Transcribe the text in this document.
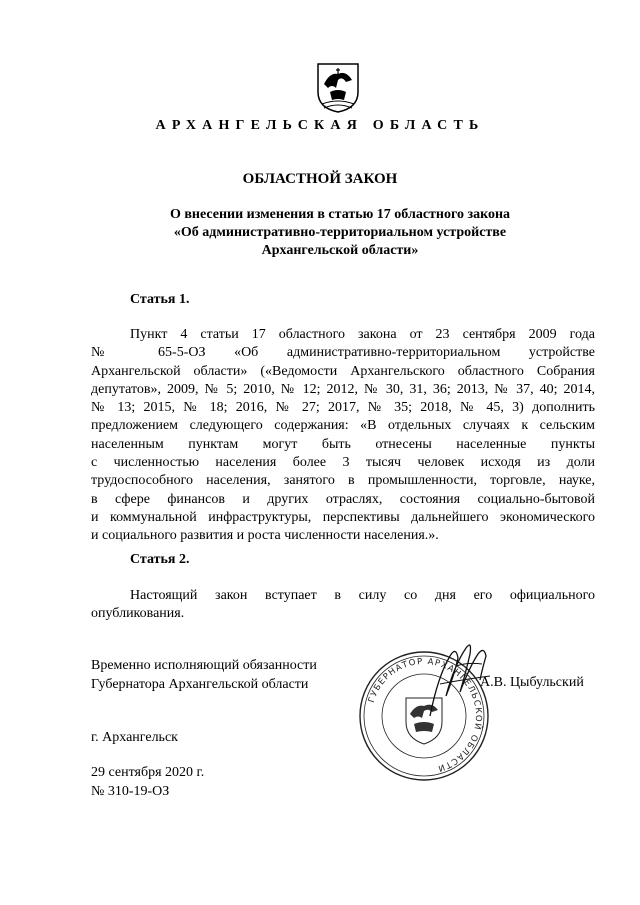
АРХАНГЕЛЬСКАЯ ОБЛАСТЬ
ОБЛАСТНОЙ ЗАКОН
О внесении изменения в статью 17 областного закона
«Об административно-территориальном устройстве
Архангельской области»
Статья 1.
Пункт 4 статьи 17 областного закона от 23 сентября 2009 года
№ 65-5-ОЗ «Об административно-территориальном устройстве
Архангельской области» («Ведомости Архангельского областного Собрания
депутатов», 2009, № 5; 2010, № 12; 2012, № 30, 31, 36; 2013, № 37, 40; 2014,
№ 13; 2015, № 18; 2016, № 27; 2017, № 35; 2018, № 45, 3) дополнить
предложением следующего содержания: «В отдельных случаях к сельским
населенным пунктам могут быть отнесены населенные пункты
с численностью населения более 3 тысяч человек исходя из доли
трудоспособного населения, занятого в промышленности, торговле, науке,
в сфере финансов и других отраслях, состояния социально-бытовой
и коммунальной инфраструктуры, перспективы дальнейшего экономического
и социального развития и роста численности населения.».
Статья 2.
Настоящий закон вступает в силу со дня его официального
опубликования.
Временно исполняющий обязанности
Губернатора Архангельской области
ГУБЕРНАТОР АРХАНГЕЛЬСКОЙ ОБЛАСТИ
А.В. Цыбульский
г. Архангельск
29 сентября 2020 г.
№ 310-19-ОЗ
